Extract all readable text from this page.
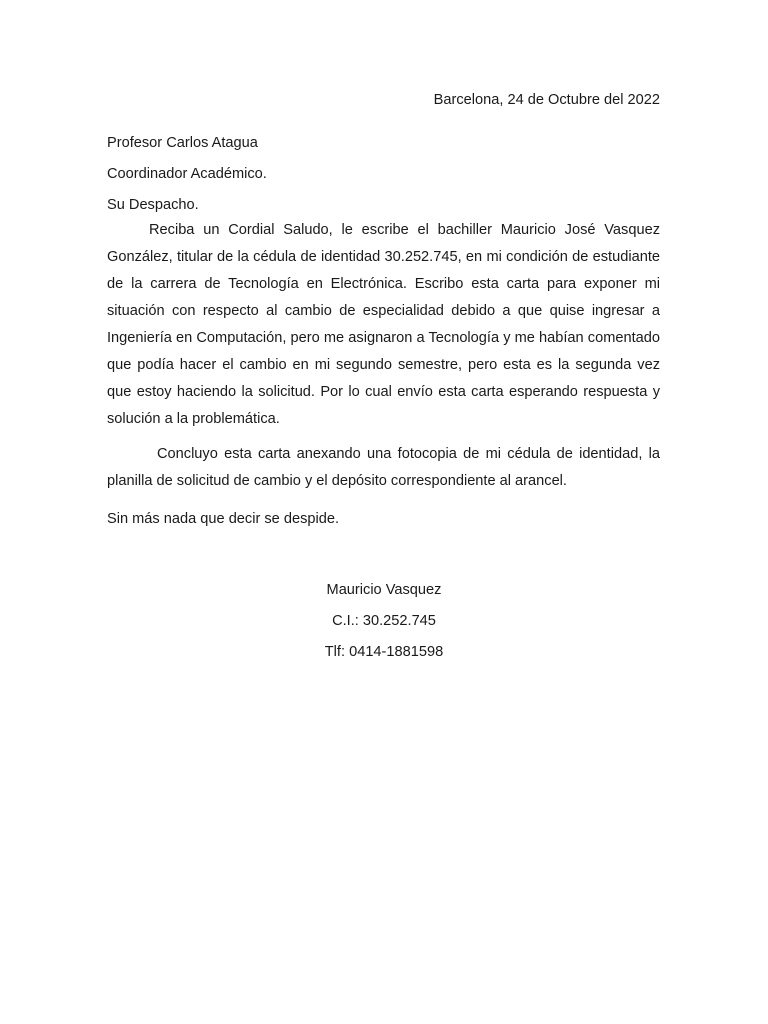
Barcelona, 24 de Octubre del 2022
Profesor Carlos Atagua
Coordinador Académico.
Su Despacho.
Reciba un Cordial Saludo, le escribe el bachiller Mauricio José Vasquez González, titular de la cédula de identidad 30.252.745, en mi condición de estudiante de la carrera de Tecnología en Electrónica. Escribo esta carta para exponer mi situación con respecto al cambio de especialidad debido a que quise ingresar a Ingeniería en Computación, pero me asignaron a Tecnología y me habían comentado que podía hacer el cambio en mi segundo semestre, pero esta es la segunda vez que estoy haciendo la solicitud. Por lo cual envío esta carta esperando respuesta y solución a la problemática.
Concluyo esta carta anexando una fotocopia de mi cédula de identidad, la planilla de solicitud de cambio y el depósito correspondiente al arancel.
Sin más nada que decir se despide.
Mauricio Vasquez
C.I.: 30.252.745
Tlf: 0414-1881598
